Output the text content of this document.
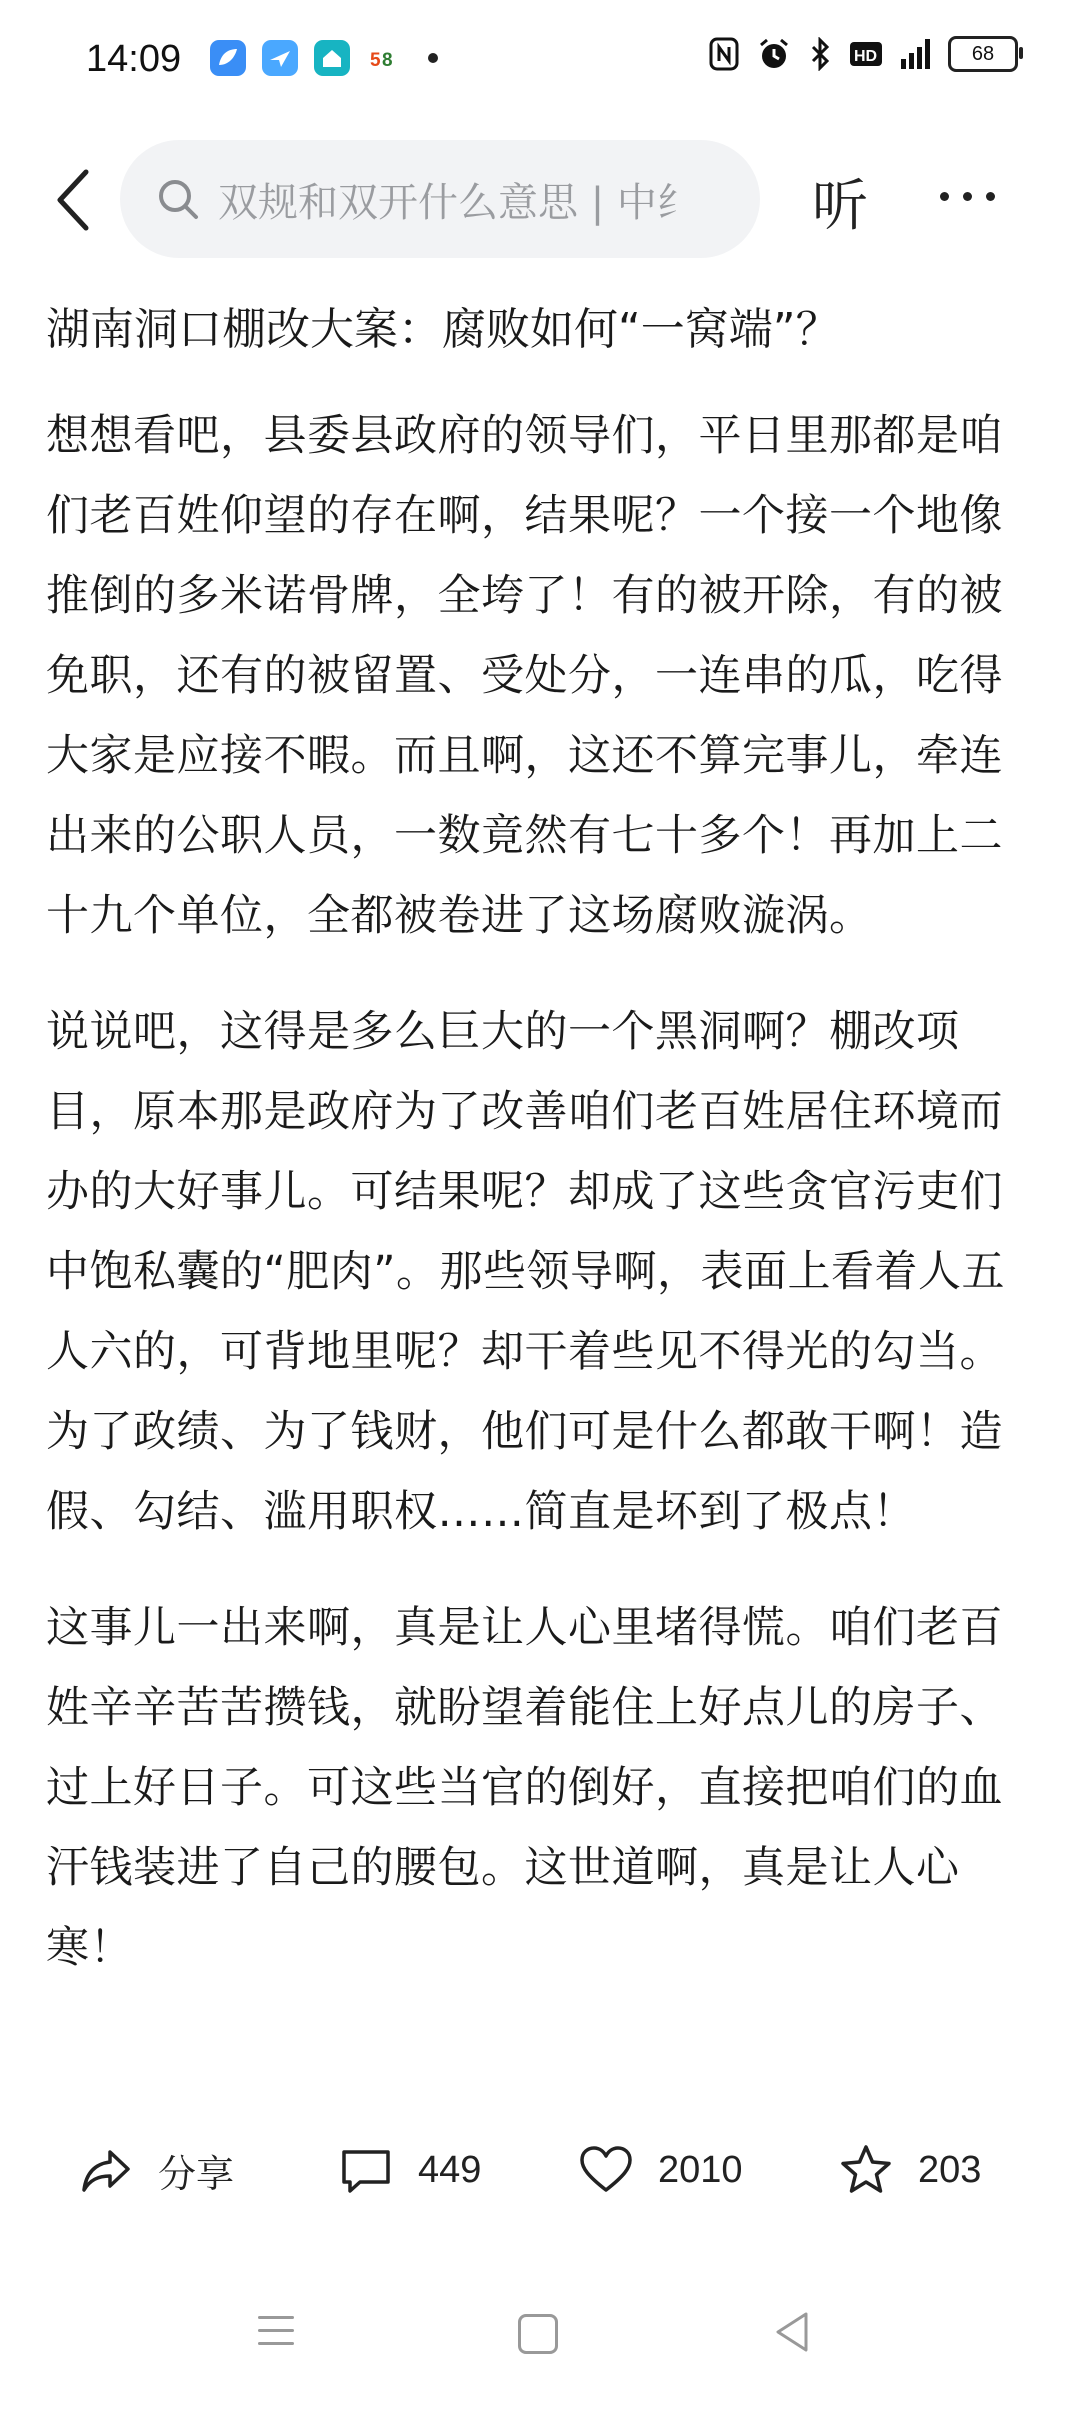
14:09	5 8	HD	68
双规和双开什么意思 | 中纟 听

湖南洞口棚改大案：腐败如何“一窝端”？

想想看吧，县委县政府的领导们，平日里那都是咱们老百姓仰望的存在啊，结果呢？一个接一个地像推倒的多米诺骨牌，全垮了！有的被开除，有的被免职，还有的被留置、受处分，一连串的瓜，吃得大家是应接不暇。而且啊，这还不算完事儿，牵连出来的公职人员，一数竟然有七十多个！再加上二十九个单位，全都被卷进了这场腐败漩涡。

说说吧，这得是多么巨大的一个黑洞啊？棚改项目，原本那是政府为了改善咱们老百姓居住环境而办的大好事儿。可结果呢？却成了这些贪官污吏们中饱私囊的“肥肉”。那些领导啊，表面上看着人五人六的，可背地里呢？却干着些见不得光的勾当。为了政绩、为了钱财，他们可是什么都敢干啊！造假、勾结、滥用职权……简直是坏到了极点！

这事儿一出来啊，真是让人心里堵得慌。咱们老百姓辛辛苦苦攒钱，就盼望着能住上好点儿的房子、过上好日子。可这些当官的倒好，直接把咱们的血汗钱装进了自己的腰包。这世道啊，真是让人心寒！

分享	449	2010	203
